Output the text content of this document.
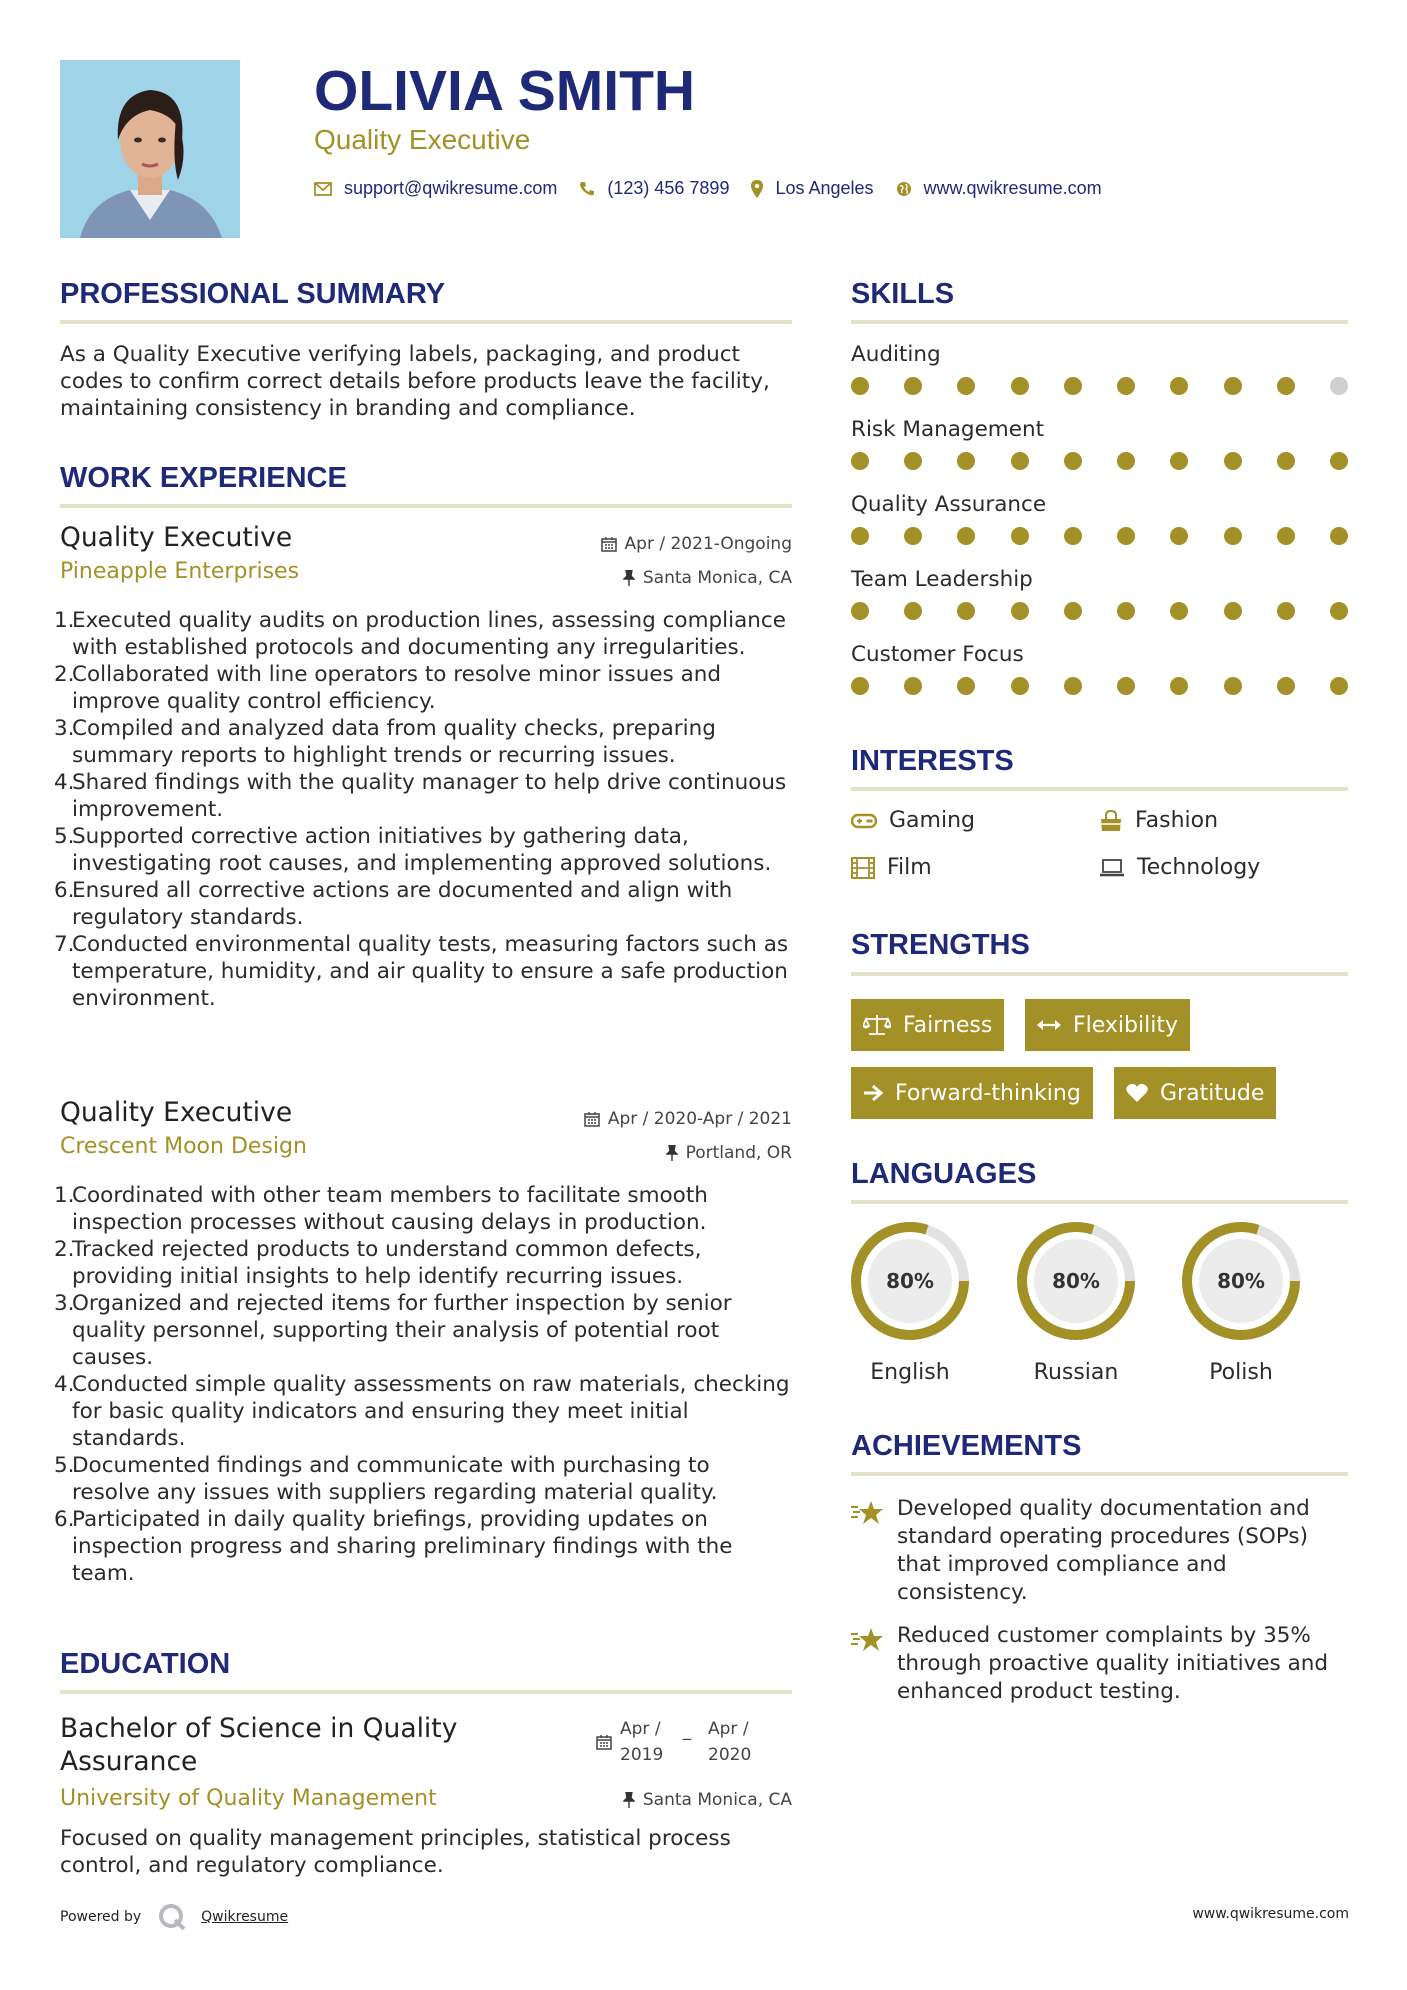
OLIVIA SMITH
Quality Executive
support@qwikresume.com	(123) 456 7899	Los Angeles	www.qwikresume.com
PROFESSIONAL SUMMARY
As a Quality Executive verifying labels, packaging, and product codes to confirm correct details before products leave the facility, maintaining consistency in branding and compliance.
WORK EXPERIENCE
Quality Executive
Pineapple Enterprises
Apr / 2021-Ongoing
Santa Monica, CA
1.
Executed quality audits on production lines, assessing compliance with established protocols and documenting any irregularities.
2.
Collaborated with line operators to resolve minor issues and improve quality control efficiency.
3.
Compiled and analyzed data from quality checks, preparing summary reports to highlight trends or recurring issues.
4.
Shared findings with the quality manager to help drive continuous improvement.
5.
Supported corrective action initiatives by gathering data, investigating root causes, and implementing approved solutions.
6.
Ensured all corrective actions are documented and align with regulatory standards.
7.
Conducted environmental quality tests, measuring factors such as temperature, humidity, and air quality to ensure a safe production environment.
Quality Executive
Crescent Moon Design
Apr / 2020-Apr / 2021
Portland, OR
1.
Coordinated with other team members to facilitate smooth inspection processes without causing delays in production.
2.
Tracked rejected products to understand common defects, providing initial insights to help identify recurring issues.
3.
Organized and rejected items for further inspection by senior quality personnel, supporting their analysis of potential root causes.
4.
Conducted simple quality assessments on raw materials, checking for basic quality indicators and ensuring they meet initial standards.
5.
Documented findings and communicate with purchasing to resolve any issues with suppliers regarding material quality.
6.
Participated in daily quality briefings, providing updates on inspection progress and sharing preliminary findings with the team.
EDUCATION
Bachelor of Science in Quality
Assurance
University of Quality Management
Apr /
2019
_ Apr /
2020
Santa Monica, CA
Focused on quality management principles, statistical process control, and regulatory compliance.
SKILLS
Auditing
Risk Management
Quality Assurance
Team Leadership
Customer Focus
INTERESTS
Gaming	Fashion
Film	Technology
STRENGTHS
Fairness	Flexibility
Forward-thinking	Gratitude
LANGUAGES
80%
English
80%
Russian
80%
Polish
ACHIEVEMENTS
Developed quality documentation and standard operating procedures (SOPs) that improved compliance and consistency.
Reduced customer complaints by 35% through proactive quality initiatives and enhanced product testing.
Powered by	Qwikresume	www.qwikresume.com
